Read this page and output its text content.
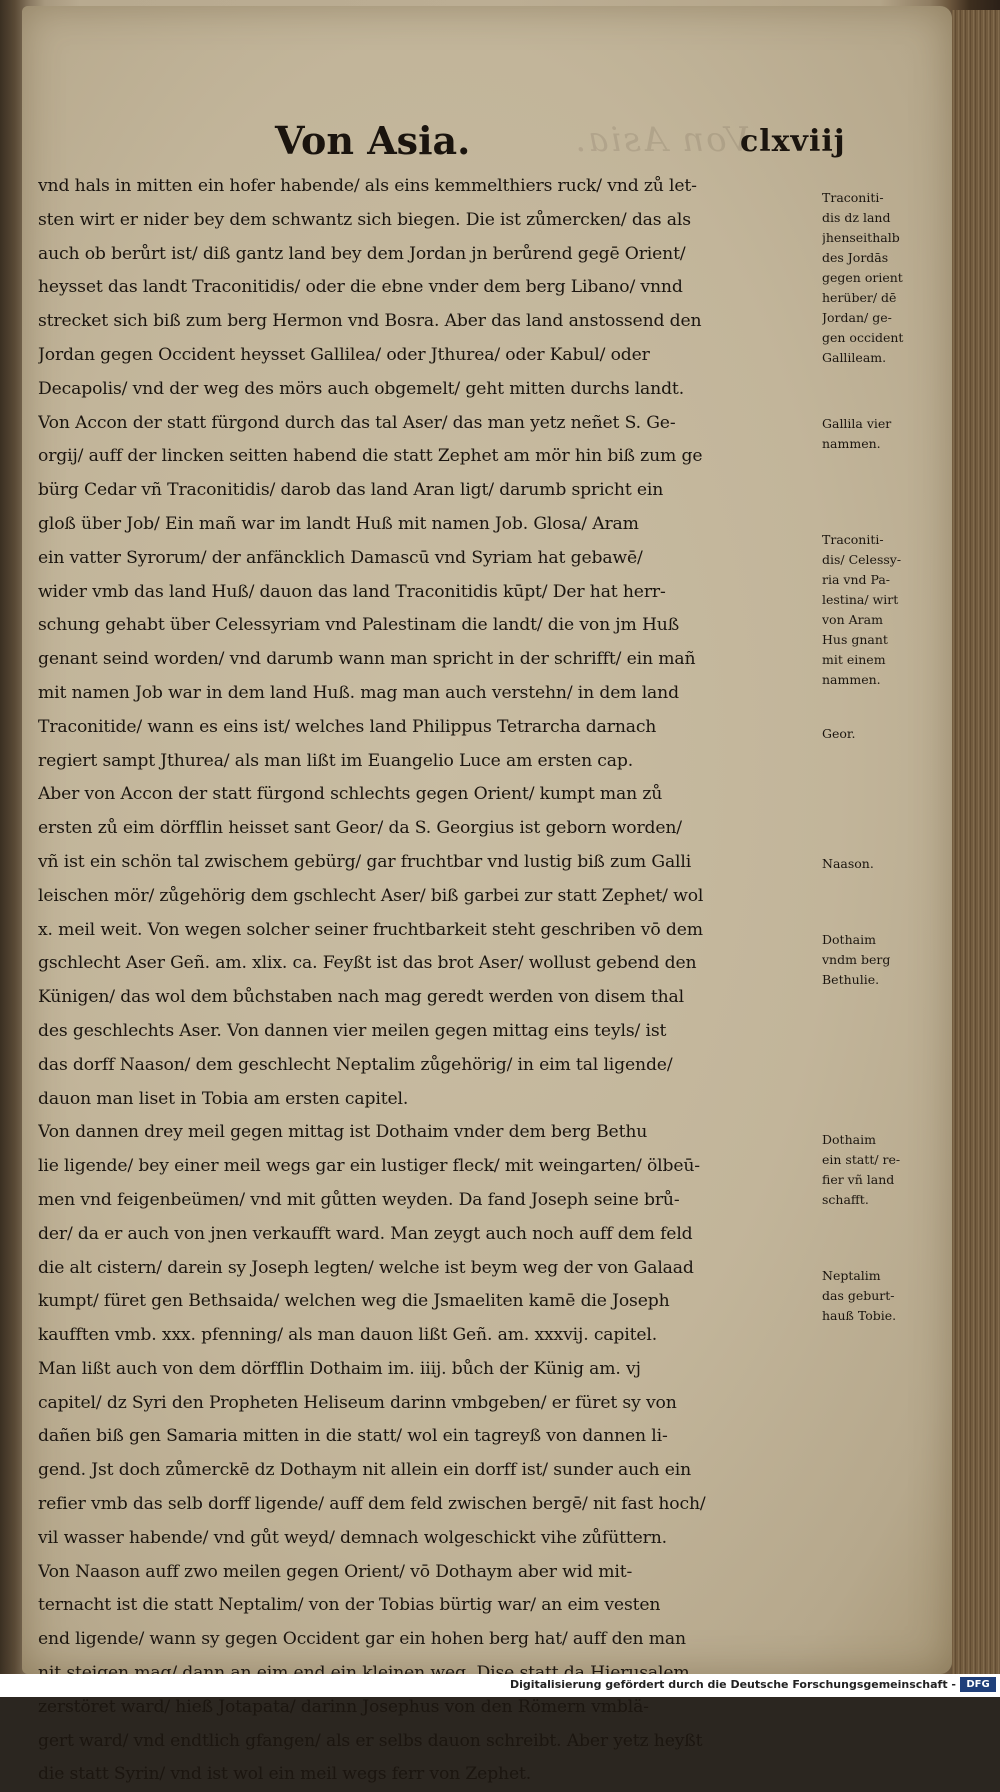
Von Asia.
Von Asia.	clxviij
vnd hals in mitten ein hofer habende/ als eins kemmelthiers ruck/ vnd zů let-
sten wirt er nider bey dem schwantz sich biegen. Die ist zůmercken/ das als
auch ob berůrt ist/ diß gantz land bey dem Jordan jn berůrend gegē Orient/
heysset das landt Traconitidis/ oder die ebne vnder dem berg Libano/ vnnd
strecket sich biß zum berg Hermon vnd Bosra. Aber das land anstossend den
Jordan gegen Occident heysset Gallilea/ oder Jthurea/ oder Kabul/ oder
Decapolis/ vnd der weg des mörs auch obgemelt/ geht mitten durchs landt.
Von Accon der statt fürgond durch das tal Aser/ das man yetz neñet S. Ge-
orgij/ auff der lincken seitten habend die statt Zephet am mör hin biß zum ge
bürg Cedar vñ Traconitidis/ darob das land Aran ligt/ darumb spricht ein
gloß über Job/ Ein mañ war im landt Huß mit namen Job. Glosa/ Aram
ein vatter Syrorum/ der anfäncklich Damascū vnd Syriam hat gebawē/
wider vmb das land Huß/ dauon das land Traconitidis kūpt/ Der hat herr-
schung gehabt über Celessyriam vnd Palestinam die landt/ die von jm Huß
genant seind worden/ vnd darumb wann man spricht in der schrifft/ ein mañ
mit namen Job war in dem land Huß. mag man auch verstehn/ in dem land
Traconitide/ wann es eins ist/ welches land Philippus Tetrarcha darnach
regiert sampt Jthurea/ als man lißt im Euangelio Luce am ersten cap.
Aber von Accon der statt fürgond schlechts gegen Orient/ kumpt man zů
ersten zů eim dörfflin heisset sant Geor/ da S. Georgius ist geborn worden/
vñ ist ein schön tal zwischem gebürg/ gar fruchtbar vnd lustig biß zum Galli
leischen mör/ zůgehörig dem gschlecht Aser/ biß garbei zur statt Zephet/ wol
x. meil weit. Von wegen solcher seiner fruchtbarkeit steht geschriben vō dem
gschlecht Aser Geñ. am. xlix. ca. Feyßt ist das brot Aser/ wollust gebend den
Künigen/ das wol dem bůchstaben nach mag geredt werden von disem thal
des geschlechts Aser. Von dannen vier meilen gegen mittag eins teyls/ ist
das dorff Naason/ dem geschlecht Neptalim zůgehörig/ in eim tal ligende/
dauon man liset in Tobia am ersten capitel.
Von dannen drey meil gegen mittag ist Dothaim vnder dem berg Bethu
lie ligende/ bey einer meil wegs gar ein lustiger fleck/ mit weingarten/ ölbeū-
men vnd feigenbeümen/ vnd mit gůtten weyden. Da fand Joseph seine brů-
der/ da er auch von jnen verkaufft ward. Man zeygt auch noch auff dem feld
die alt cistern/ darein sy Joseph legten/ welche ist beym weg der von Galaad
kumpt/ füret gen Bethsaida/ welchen weg die Jsmaeliten kamē die Joseph
kaufften vmb. xxx. pfenning/ als man dauon lißt Geñ. am. xxxvij. capitel.
Man lißt auch von dem dörfflin Dothaim im. iiij. bůch der Künig am. vj
capitel/ dz Syri den Propheten Heliseum darinn vmbgeben/ er füret sy von
dañen biß gen Samaria mitten in die statt/ wol ein tagreyß von dannen li-
gend. Jst doch zůmerckē dz Dothaym nit allein ein dorff ist/ sunder auch ein
refier vmb das selb dorff ligende/ auff dem feld zwischen bergē/ nit fast hoch/
vil wasser habende/ vnd gůt weyd/ demnach wolgeschickt vihe zůfüttern.
Von Naason auff zwo meilen gegen Orient/ vō Dothaym aber wid mit-
ternacht ist die statt Neptalim/ von der Tobias bürtig war/ an eim vesten
end ligende/ wann sy gegen Occident gar ein hohen berg hat/ auff den man
zerstöret ward/ hieß Jotapata/ darinn Josephus von den Römern vmblä-
gert ward/ vnd endtlich gfangen/ als er selbs dauon schreibt. Aber yetz heyßt
die statt Syrin/ vnd ist wol ein meil wegs ferr von Zephet.
Traconiti-
dis dz land
jhenseithalb
des Jordās
gegen orient
herüber/ dē
Jordan/ ge-
gen occident
Gallileam.
Gallila vier
nammen.
Traconiti-
dis/ Celessy-
ria vnd Pa-
lestina/ wirt
von Aram
Hus gnant
mit einem
nammen.
Geor.
Naason.
Dothaim
vndm berg
Bethulie.
Dothaim
ein statt/ re-
fier vñ land
schafft.
Neptalim
das geburt-
hauß Tobie.
Digitalisierung gefördert durch die Deutsche Forschungsgemeinschaft -	DFG
